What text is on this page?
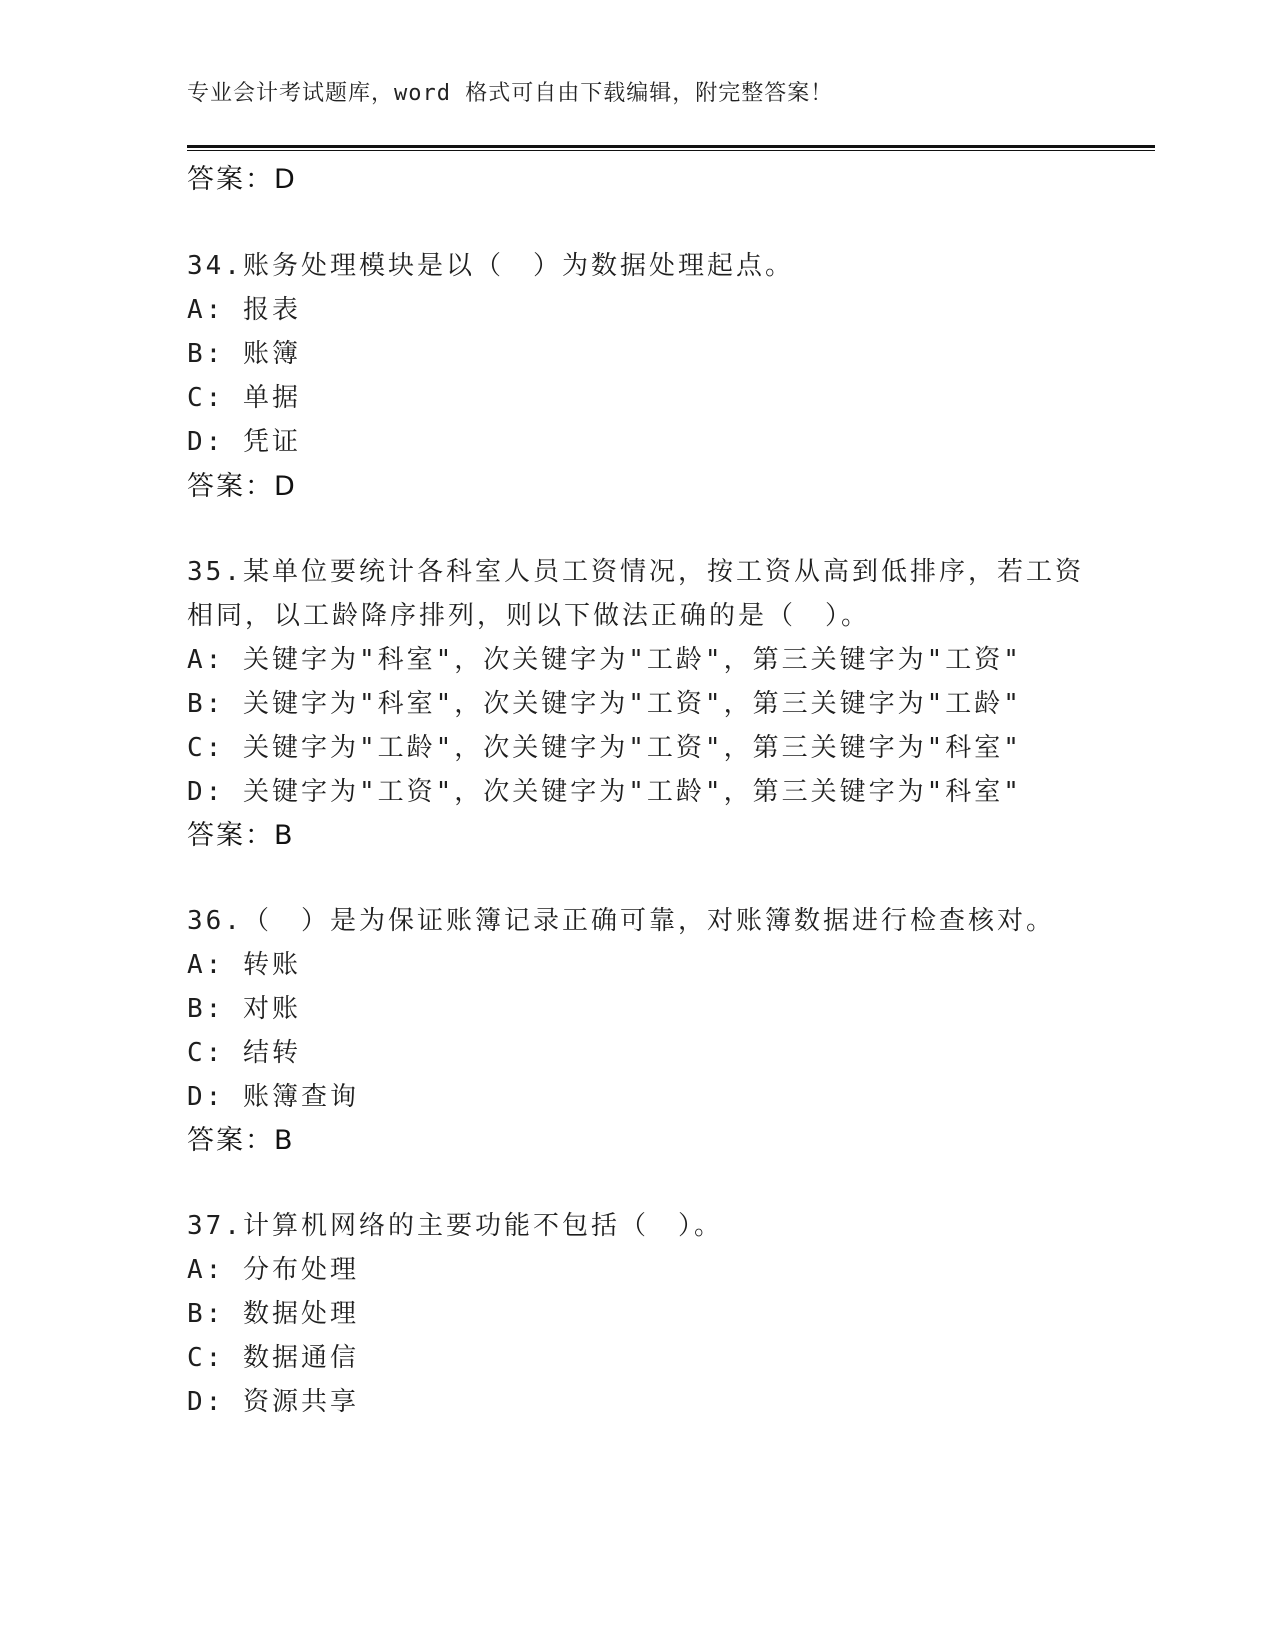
专业会计考试题库，word 格式可自由下载编辑，附完整答案！
答案：D
34.账务处理模块是以（　）为数据处理起点。
A: 报表
B: 账簿
C: 单据
D: 凭证
答案：D
35.某单位要统计各科室人员工资情况，按工资从高到低排序，若工资
相同，以工龄降序排列，则以下做法正确的是（　）。
A: 关键字为"科室"，次关键字为"工龄"，第三关键字为"工资"
B: 关键字为"科室"，次关键字为"工资"，第三关键字为"工龄"
C: 关键字为"工龄"，次关键字为"工资"，第三关键字为"科室"
D: 关键字为"工资"，次关键字为"工龄"，第三关键字为"科室"
答案：B
36.（　）是为保证账簿记录正确可靠，对账簿数据进行检查核对。
A: 转账
B: 对账
C: 结转
D: 账簿查询
答案：B
37.计算机网络的主要功能不包括（　）。
A: 分布处理
B: 数据处理
C: 数据通信
D: 资源共享
